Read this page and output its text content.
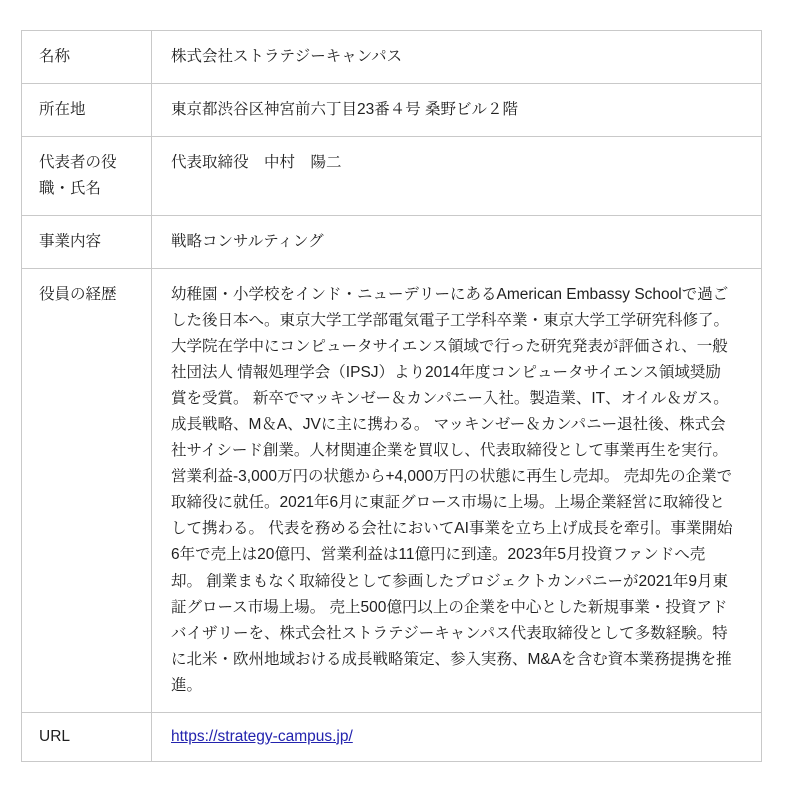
名称	株式会社ストラテジーキャンパス

所在地	東京都渋谷区神宮前六丁目23番４号 桑野ビル２階

代表者の役職・氏名	代表取締役　中村　陽二

事業内容	戦略コンサルティング

役員の経歴	幼稚園・小学校をインド・ニューデリーにあるAmerican Embassy Schoolで過ごした後日本へ。東京大学工学部電気電子工学科卒業・東京大学工学研究科修了。大学院在学中にコンピュータサイエンス領域で行った研究発表が評価され、一般社団法人 情報処理学会（IPSJ）より2014年度コンピュータサイエンス領域奨励賞を受賞。 新卒でマッキンゼー＆カンパニー入社。製造業、IT、オイル＆ガス。成長戦略、M＆A、JVに主に携わる。 マッキンゼー＆カンパニー退社後、株式会社サイシード創業。人材関連企業を買収し、代表取締役として事業再生を実行。営業利益-3,000万円の状態から+4,000万円の状態に再生し売却。 売却先の企業で取締役に就任。2021年6月に東証グロース市場に上場。上場企業経営に取締役として携わる。 代表を務める会社においてAI事業を立ち上げ成長を牽引。事業開始6年で売上は20億円、営業利益は11億円に到達。2023年5月投資ファンドへ売却。 創業まもなく取締役として参画したプロジェクトカンパニーが2021年9月東証グロース市場上場。 売上500億円以上の企業を中心とした新規事業・投資アドバイザリーを、株式会社ストラテジーキャンパス代表取締役として多数経験。特に北米・欧州地域おける成長戦略策定、参入実務、M&Aを含む資本業務提携を推進。

URL	https://strategy-campus.jp/
